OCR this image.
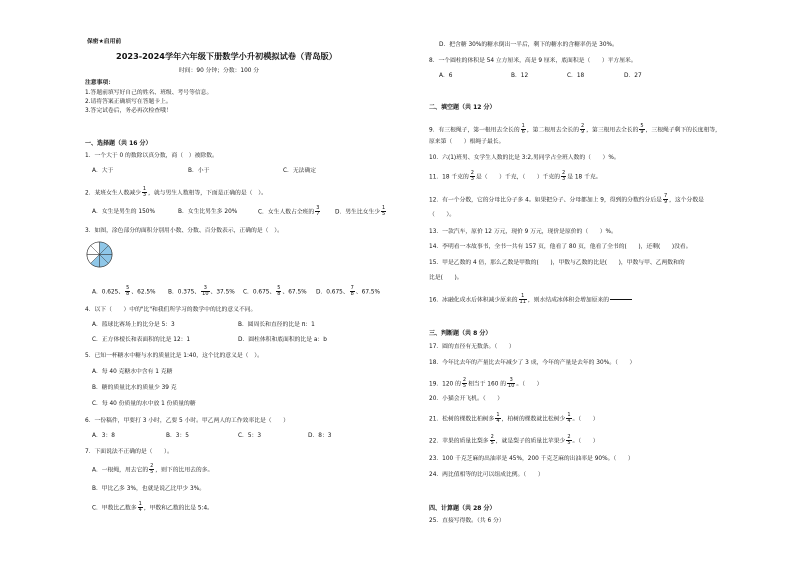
保密★启用前
2023-2024学年六年级下册数学小升初模拟试卷（青岛版）
时间：90 分钟；分数：100 分
注意事项：
1.答题前填写好自己的姓名、班级、考号等信息。
2.请将答案正确填写在答题卡上。
3.答完试卷后，务必再次检查哦！
一、选择题（共 16 分）
1．一个大于 0 的数除以真分数，商（　）被除数。
A．大于	B．小于	C．无法确定
2．某班女生人数减少 $\frac{1}{3}$ ，就与男生人数相等，下面是正确的是（　）。
A．女生是男生的 150%	B．女生比男生多 20%	C．女生人数占全班的 $\frac{3}{7}$	D．男生比女生少 $\frac{1}{5}$
3．如图，涂色部分的面积分别用小数、分数、百分数表示，正确的是（　）。
A．0.625、 $\frac{5}{8}$ 、62.5% B．0.375、 $\frac{3}{10}$ 、37.5% C．0.675、 $\frac{5}{8}$ 、67.5% D．0.675、 $\frac{7}{8}$ 、67.5%
4．以下（　　）中的"比"和我们所学习的数学中的比的意义不同。
A．篮球比赛场上的比分是 5：3	B．圆周长和直径的比是 π：1
C．正方体棱长和表面积的比是 12：1	D．圆柱体积和底面积的比是 a：b
5．已知一杯糖水中糖与水的质量比是 1:40，这个比的意义是（　）。
A．每 40 克糖水中含有 1 克糖
B．糖的质量比水的质量少 39 克
C．每 40 份质量的水中放 1 份质量的糖
6．一份稿件，甲要打 3 小时，乙要 5 小时。甲乙两人的工作效率比是（　　）
A．3：8	B．3：5	C．5：3	D．8：3
7．下面说法不正确的是（　　）。
A．一根绳，用去它的 $\frac{2}{5}$ ，则下的比用去的多。
B．甲比乙多 3%，也就是说乙比甲少 3%。
C．甲数比乙数多 $\frac{1}{4}$ ，甲数和乙数的比是 5:4。
D．把含糖 30%的糖水倒出一半后，剩下的糖水的含糖率仍是 30%。
8．一个圆柱的体积是 54 立方厘米，高是 9 厘米，底面积是（　　）平方厘米。
A．6	B．12	C．18	D．27
二、填空题（共 12 分）
9．有三根绳子，第一根用去全长的 $\frac{1}{6}$ ，第二根用去全长的 $\frac{2}{9}$ ，第三根用去全长的 $\frac{5}{9}$ ，三根绳子剩下的长度相等，
原来第（　　）根绳子最长。
10．六(1)班男、女学生人数的比是 3:2,男同学占全班人数的（　　）%。
11．18 千克的 $\frac{2}{3}$ 是（　　）千克，（　　）千克的 $\frac{2}{3}$ 是 18 千克。
12．有一个分数，它的分母比分子多 4。如果把分子、分母都加上 9，得到的分数约分后是 $\frac{7}{9}$ ，这个分数是
（　　）。
13．一款汽车，原价 12 万元，现价 9 万元，现价是原价的（　　）%。
14．李明看一本故事书，全书一共有 157 页，他看了 80 页，他看了全书的(　　)，还剩(　　)没看。
15．甲是乙数的 4 倍，那么乙数是甲数的(　　)，甲数与乙数的比是(　　)，甲数与甲、乙两数和的
比是(　　)。
16．冰融化成水后体积减少原来的 $\frac{1}{11}$ ，则水结成冰体积会增加原来的
三、判断题（共 8 分）
17．圆的直径有无数条。（　　）
18．今年比去年的产量比去年减少了 3 成，今年的产量是去年的 30%。（　　）
19．120 的 $\frac{2}{5}$ 相当于 160 的 $\frac{3}{10}$ 。（　　）
20．小猫会开飞机。（　　）
21．松树的棵数比柏树多 $\frac{1}{4}$ ，柏树的棵数就比松树少 $\frac{1}{4}$ 。（　　）
22．苹果的质量比梨多 $\frac{2}{5}$ ，就是梨子的质量比苹果少 $\frac{2}{5}$ 。（　　）
23．100 千克芝麻的出油率是 45%，200 千克芝麻的出油率是 90%。（　　）
24．两比值相等的比可以组成比例。（　　）
四、计算题（共 28 分）
25．直接写得数。（共 6 分）
